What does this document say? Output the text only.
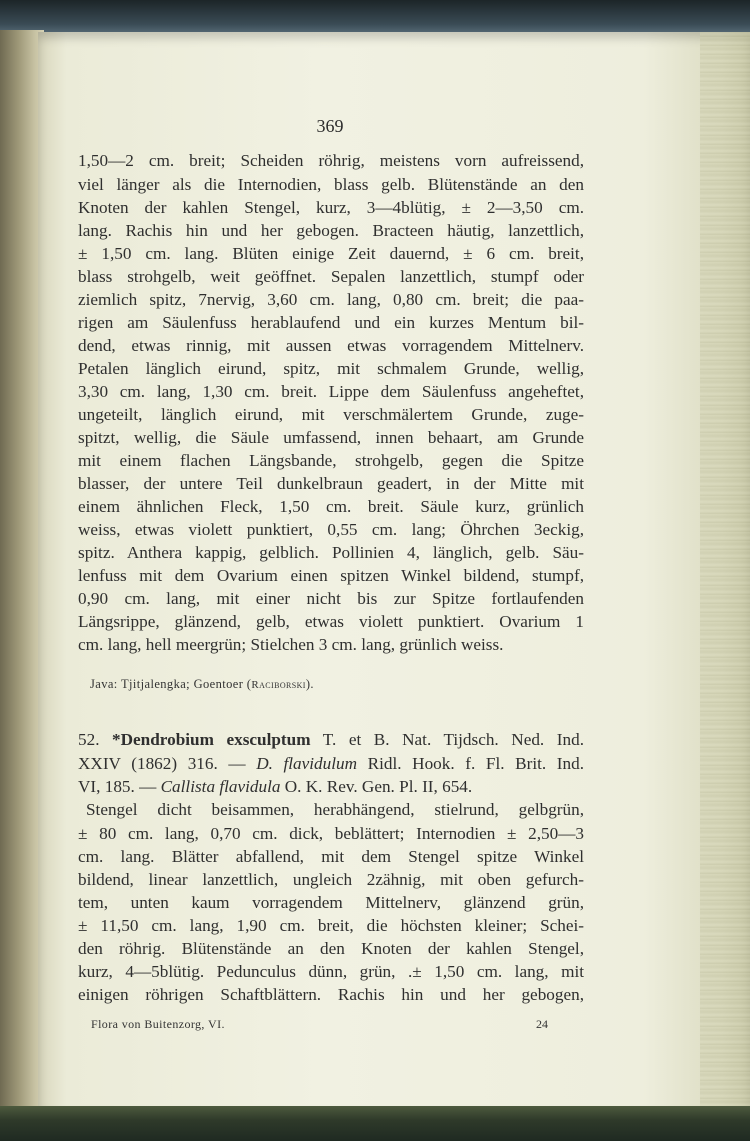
369

1,50—2 cm. breit; Scheiden röhrig, meistens vorn aufreissend,

viel länger als die Internodien, blass gelb. Blütenstände an den

Knoten der kahlen Stengel, kurz, 3—4blütig, ± 2—3,50 cm.

lang. Rachis hin und her gebogen. Bracteen häutig, lanzettlich,

± 1,50 cm. lang. Blüten einige Zeit dauernd, ± 6 cm. breit,

blass strohgelb, weit geöffnet. Sepalen lanzettlich, stumpf oder

ziemlich spitz, 7nervig, 3,60 cm. lang, 0,80 cm. breit; die paa-

rigen am Säulenfuss herablaufend und ein kurzes Mentum bil-

dend, etwas rinnig, mit aussen etwas vorragendem Mittelnerv.

Petalen länglich eirund, spitz, mit schmalem Grunde, wellig,

3,30 cm. lang, 1,30 cm. breit. Lippe dem Säulenfuss angeheftet,

ungeteilt, länglich eirund, mit verschmälertem Grunde, zuge-

spitzt, wellig, die Säule umfassend, innen behaart, am Grunde

mit einem flachen Längsbande, strohgelb, gegen die Spitze

blasser, der untere Teil dunkelbraun geadert, in der Mitte mit

einem ähnlichen Fleck, 1,50 cm. breit. Säule kurz, grünlich

weiss, etwas violett punktiert, 0,55 cm. lang; Öhrchen 3eckig,

spitz. Anthera kappig, gelblich. Pollinien 4, länglich, gelb. Säu-

lenfuss mit dem Ovarium einen spitzen Winkel bildend, stumpf,

0,90 cm. lang, mit einer nicht bis zur Spitze fortlaufenden

Längsrippe, glänzend, gelb, etwas violett punktiert. Ovarium 1

cm. lang, hell meergrün; Stielchen 3 cm. lang, grünlich weiss.

Java: Tjitjalengka; Goentoer (Raciborski).

52. *Dendrobium exsculptum T. et B. Nat. Tijdsch. Ned. Ind.

XXIV (1862) 316. — D. flavidulum Ridl. Hook. f. Fl. Brit. Ind.

VI, 185. — Callista flavidula O. K. Rev. Gen. Pl. II, 654.

Stengel dicht beisammen, herabhängend, stielrund, gelbgrün,

± 80 cm. lang, 0,70 cm. dick, beblättert; Internodien ± 2,50—3

cm. lang. Blätter abfallend, mit dem Stengel spitze Winkel

bildend, linear lanzettlich, ungleich 2zähnig, mit oben gefurch-

tem, unten kaum vorragendem Mittelnerv, glänzend grün,

± 11,50 cm. lang, 1,90 cm. breit, die höchsten kleiner; Schei-

den röhrig. Blütenstände an den Knoten der kahlen Stengel,

kurz, 4—5blütig. Pedunculus dünn, grün, .± 1,50 cm. lang, mit

einigen röhrigen Schaftblättern. Rachis hin und her gebogen,

Flora von Buitenzorg, VI.	24
